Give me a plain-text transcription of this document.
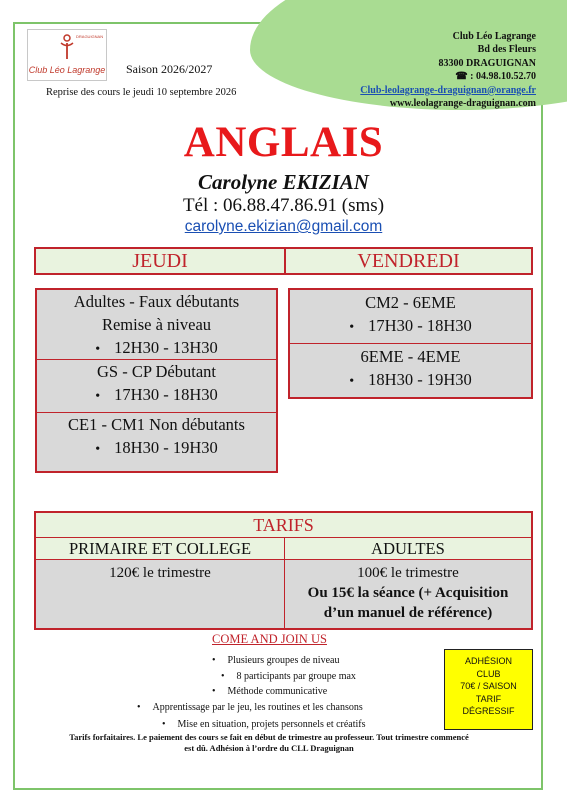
DRAGUIGNAN
Club Léo Lagrange Saison 2026/2027
Reprise des cours le jeudi 10 septembre 2026
Club Léo Lagrange
Bd des Fleurs
83300 DRAGUIGNAN
☎ : 04.98.10.52.70
Club-leolagrange-draguignan@orange.fr
www.leolagrange-draguignan.com
ANGLAIS
Carolyne EKIZIAN
Tél : 06.88.47.86.91 (sms)
carolyne.ekizian@gmail.com
JEUDI	VENDREDI
Adultes - Faux débutants
Remise à niveau
• 12H30 - 13H30
GS - CP Débutant
• 17H30 - 18H30
CE1 - CM1 Non débutants
• 18H30 - 19H30
CM2 - 6EME
• 17H30 - 18H30
6EME - 4EME
• 18H30 - 19H30
TARIFS
PRIMAIRE ET COLLEGE	ADULTES
120€ le trimestre	100€ le trimestre
Ou 15€ la séance (+ Acquisition
d’un manuel de référence)
COME AND JOIN US
• Plusieurs groupes de niveau
• 8 participants par groupe max
• Méthode communicative
• Apprentissage par le jeu, les routines et les chansons
• Mise en situation, projets personnels et créatifs
ADHÉSION
CLUB
70€ / SAISON
TARIF
DÉGRESSIF
Tarifs forfaitaires. Le paiement des cours se fait en début de trimestre au professeur. Tout trimestre commencé
est dû. Adhésion à l’ordre du CLL Draguignan
